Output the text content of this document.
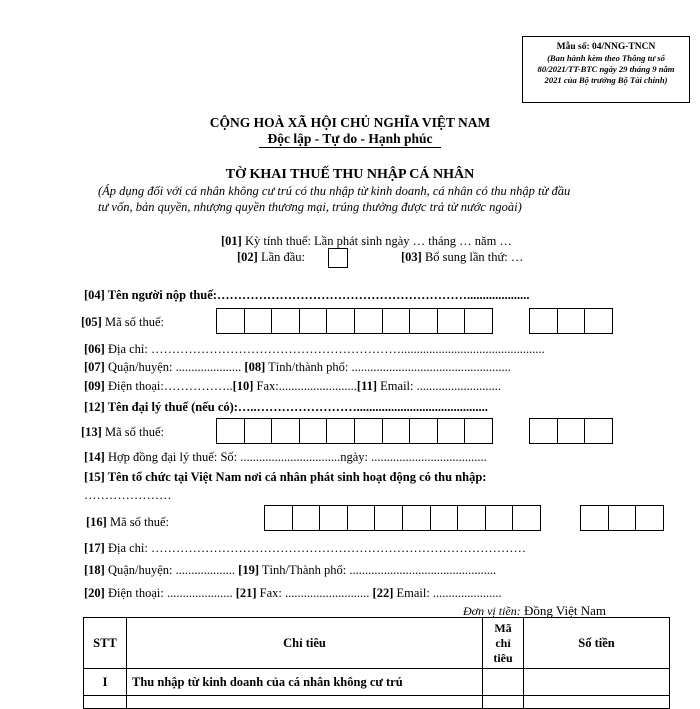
Mẫu số: 04/NNG-TNCN
(Ban hành kèm theo Thông tư số
80/2021/TT-BTC ngày 29 tháng 9 năm
2021 của Bộ trưởng Bộ Tài chính)
CỘNG HOÀ XÃ HỘI CHỦ NGHĨA VIỆT NAM
Độc lập - Tự do - Hạnh phúc
TỜ KHAI THUẾ THU NHẬP CÁ NHÂN
(Áp dụng đối với cá nhân không cư trú có thu nhập từ kinh doanh, cá nhân có thu nhập từ đầu
tư vốn, bản quyền, nhượng quyền thương mại, trúng thưởng được trả từ nước ngoài)
[01] Kỳ tính thuế: Lần phát sinh ngày … tháng … năm …
[02] Lần đầu:	[03] Bổ sung lần thứ: …
[04] Tên người nộp thuế:……………………………………………………....................
[05] Mã số thuế:
[06] Địa chỉ: ……………………………………………………..............................................
[07] Quận/huyện: ..................... [08] Tỉnh/thành phố: ...................................................
[09] Điện thoại:……………..[10] Fax:.........................[11] Email: ...........................
[12] Tên đại lý thuế (nếu có):…..……………………..........................................
[13] Mã số thuế:
[14] Hợp đồng đại lý thuế: Số: ................................ngày: .....................................
[15] Tên tổ chức tại Việt Nam nơi cá nhân phát sinh hoạt động có thu nhập:
…………………
[16] Mã số thuế:
[17] Địa chỉ: ………………………………………………………………………………
[18] Quận/huyện: ................... [19] Tỉnh/Thành phố: ...............................................
[20] Điện thoại: ..................... [21] Fax: ........................... [22] Email: ......................
Đơn vị tiền: Đồng Việt Nam
STT	Chỉ tiêu	Mã
chỉ
tiêu	Số tiền
I	Thu nhập từ kinh doanh của cá nhân không cư trú		
